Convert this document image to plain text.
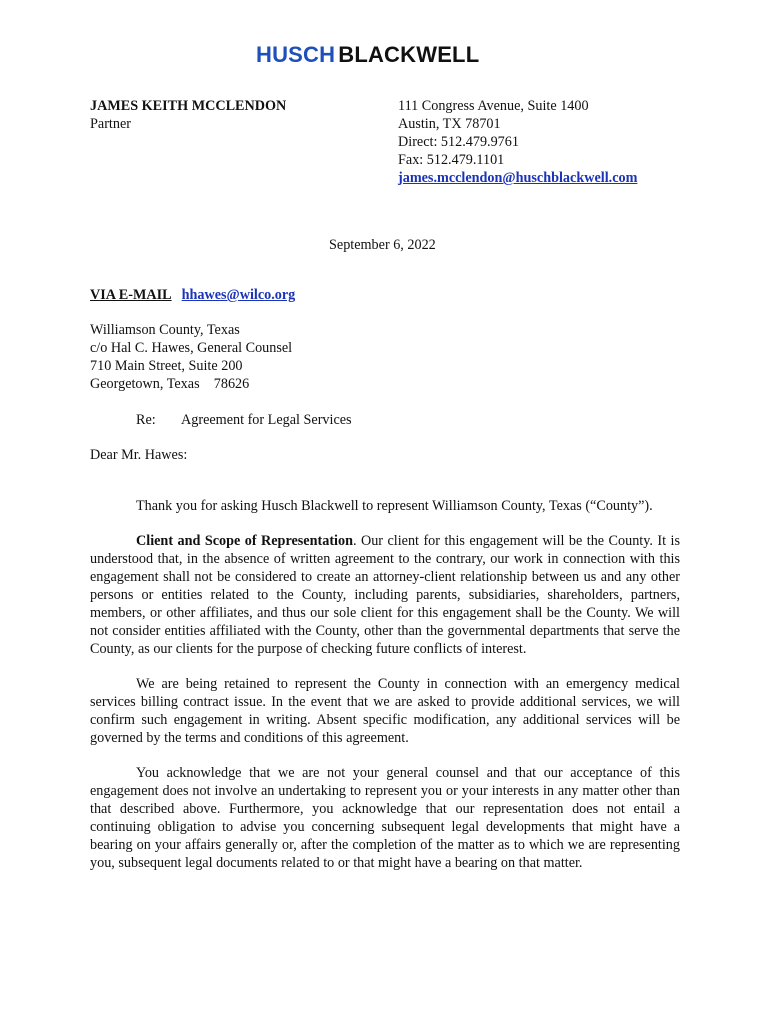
HUSCH BLACKWELL
JAMES KEITH MCCLENDON
Partner
111 Congress Avenue, Suite 1400
Austin, TX 78701
Direct: 512.479.9761
Fax: 512.479.1101
james.mcclendon@huschblackwell.com
September 6, 2022
VIA E-MAIL hhawes@wilco.org
Williamson County, Texas
c/o Hal C. Hawes, General Counsel
710 Main Street, Suite 200
Georgetown, Texas    78626
Re: Agreement for Legal Services
Dear Mr. Hawes:

Thank you for asking Husch Blackwell to represent Williamson County, Texas (“County”).

Client and Scope of Representation. Our client for this engagement will be the County. It is understood that, in the absence of written agreement to the contrary, our work in connection with this engagement shall not be considered to create an attorney-client relationship between us and any other persons or entities related to the County, including parents, subsidiaries, shareholders, partners, members, or other affiliates, and thus our sole client for this engagement shall be the County. We will not consider entities affiliated with the County, other than the governmental departments that serve the County, as our clients for the purpose of checking future conflicts of interest.

We are being retained to represent the County in connection with an emergency medical services billing contract issue. In the event that we are asked to provide additional services, we will confirm such engagement in writing. Absent specific modification, any additional services will be governed by the terms and conditions of this agreement.

You acknowledge that we are not your general counsel and that our acceptance of this engagement does not involve an undertaking to represent you or your interests in any matter other than that described above. Furthermore, you acknowledge that our representation does not entail a continuing obligation to advise you concerning subsequent legal developments that might have a bearing on your affairs generally or, after the completion of the matter as to which we are representing you, subsequent legal documents related to or that might have a bearing on that matter.
